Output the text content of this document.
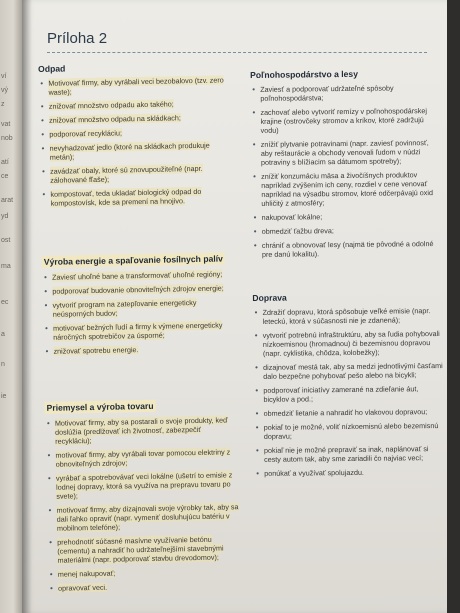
ví
vý
z
vat
nob
atí
ce
arat
yd
ost
ma
ec
a
n
ie
Príloha 2
Odpad
• Motivovať firmy, aby vyrábali veci bezobalovo (tzv. zero waste);
• znižovať množstvo odpadu ako takého;
• znižovať množstvo odpadu na skládkach;
• podporovať recykláciu;
• nevyhadzovať jedlo (ktoré na skládkach produkuje metán);
• zavádzať obaly, ktoré sú znovupoužiteľné (napr. zálohované fľaše);
• kompostovať, teda ukladať biologický odpad do kompostovísk, kde sa premení na hnojivo.
Výroba energie a spaľovanie fosílnych palív
• Zaviesť uhoľné bane a transformovať uhoľné regióny;
• podporovať budovanie obnoviteľných zdrojov energie;
• vytvoriť program na zatepľovanie energeticky neúsporných budov;
• motivovať bežných ľudí a firmy k výmene energeticky náročných spotrebičov za úsporné;
• znižovať spotrebu energie.
Priemysel a výroba tovaru
• Motivovať firmy, aby sa postarali o svoje produkty, keď doslúžia (predlžovať ich životnosť, zabezpečiť recykláciu);
• motivovať firmy, aby vyrábali tovar pomocou elektriny z obnoviteľných zdrojov;
• vyrábať a spotrebovávať veci lokálne (ušetrí to emisie z lodnej dopravy, ktorá sa využíva na prepravu tovaru po svete);
• motivovať firmy, aby dizajnovali svoje výrobky tak, aby sa dali ľahko opraviť (napr. vymeniť dosluhujúcu batériu v mobilnom telefóne);
• prehodnotiť súčasné masívne využívanie betónu (cementu) a nahradiť ho udržateľnejšími stavebnými materiálmi (napr. podporovať stavbu drevodomov);
• menej nakupovať;
• opravovať veci.
Poľnohospodárstvo a lesy
• Zaviesť a podporovať udržateľné spôsoby poľnohospodárstva;
• zachovať alebo vytvoriť remízy v poľnohospodárskej krajine (ostrovčeky stromov a kríkov, ktoré zadržujú vodu)
• znížiť plytvanie potravinami (napr. zaviesť povinnosť, aby reštaurácie a obchody venovali ľudom v núdzi potraviny s blížiacim sa dátumom spotreby);
• znížiť konzumáciu mäsa a živočíšnych produktov napríklad zvýšením ich ceny, rozdiel v cene venovať napríklad na výsadbu stromov, ktoré odčerpávajú oxid uhličitý z atmosféry;
• nakupovať lokálne;
• obmedziť ťažbu dreva;
• chrániť a obnovovať lesy (najmä tie pôvodné a odolné pre danú lokalitu).
Doprava
• Zdražiť dopravu, ktorá spôsobuje veľké emisie (napr. leteckú, ktorá v súčasnosti nie je zdanená);
• vytvoriť potrebnú infraštruktúru, aby sa ľudia pohybovali nízkoemisnou (hromadnou) či bezemisnou dopravou (napr. cyklistika, chôdza, kolobežky);
• dizajnovať mestá tak, aby sa medzi jednotlivými časťami dalo bezpečne pohybovať pešo alebo na bicykli;
• podporovať iniciatívy zamerané na zdieľanie áut, bicyklov a pod.;
• obmedziť lietanie a nahradiť ho vlakovou dopravou;
• pokiaľ to je možné, voliť nízkoemisnú alebo bezemisnú dopravu;
• pokiaľ nie je možné prepraviť sa inak, naplánovať si cesty autom tak, aby sme zariadili čo najviac vecí;
• ponúkať a využívať spolujazdu.
